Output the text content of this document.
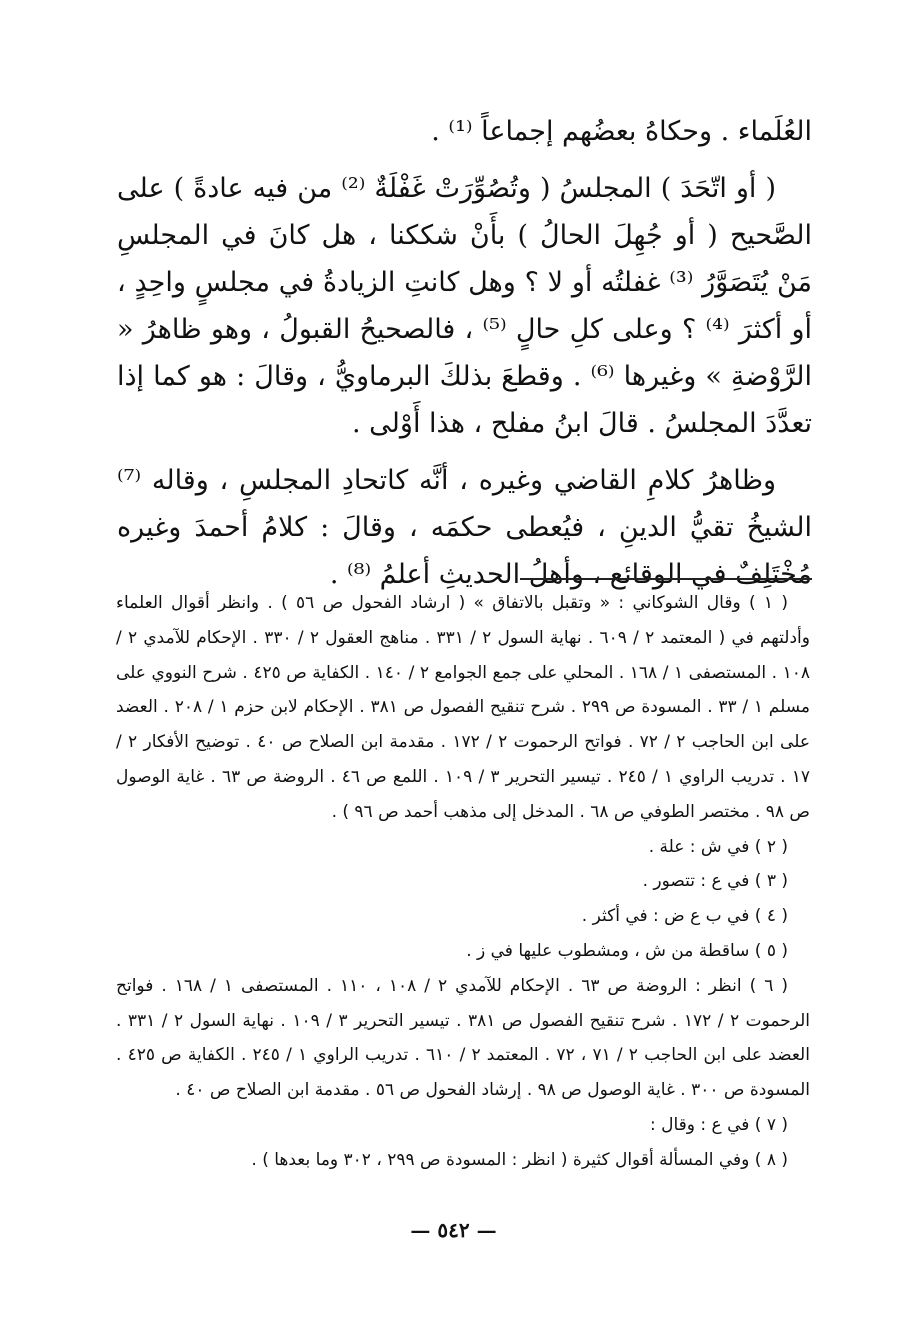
العُلَماء . وحكاهُ بعضُهم إجماعاً ⁽¹⁾ .

( أو اتّحَدَ ) المجلسُ ( وتُصُوِّرَتْ غَفْلَةٌ ⁽²⁾ من فيه عادةً ) على الصَّحيح ( أو جُهِلَ الحالُ ) بأَنْ شككنا ، هل كانَ في المجلسِ مَنْ يُتَصَوَّرُ ⁽³⁾ غفلتُه أو لا ؟ وهل كانتِ الزيادةُ في مجلسٍ واحِدٍ ، أو أكثرَ ⁽⁴⁾ ؟ وعلى كلِ حالٍ ⁽⁵⁾ ، فالصحيحُ القبولُ ، وهو ظاهرُ « الرَّوْضةِ » وغيرها ⁽⁶⁾ . وقطعَ بذلكَ البرماويُّ ، وقالَ : هو كما إذا تعدَّدَ المجلسُ . قالَ ابنُ مفلح ، هذا أَوْلى .

وظاهرُ كلامِ القاضي وغيره ، أنَّه كاتحادِ المجلسِ ، وقاله ⁽⁷⁾ الشيخُ تقيُّ الدينِ ، فيُعطى حكمَه ، وقالَ : كلامُ أحمدَ وغيره مُخْتَلِفٌ في الوقائع ، وأهلُ الحديثِ أعلمُ ⁽⁸⁾ .

( ١ ) وقال الشوكاني : « وتقبل بالاتفاق » ( ارشاد الفحول ص ٥٦ ) . وانظر أقوال العلماء وأدلتهم في ( المعتمد ٢ / ٦٠٩ . نهاية السول ٢ / ٣٣١ . مناهج العقول ٢ / ٣٣٠ . الإحكام للآمدي ٢ / ١٠٨ . المستصفى ١ / ١٦٨ . المحلي على جمع الجوامع ٢ / ١٤٠ . الكفاية ص ٤٢٥ . شرح النووي على مسلم ١ / ٣٣ . المسودة ص ٢٩٩ . شرح تنقيح الفصول ص ٣٨١ . الإحكام لابن حزم ١ / ٢٠٨ . العضد على ابن الحاجب ٢ / ٧٢ . فواتح الرحموت ٢ / ١٧٢ . مقدمة ابن الصلاح ص ٤٠ . توضيح الأفكار ٢ / ١٧ . تدريب الراوي ١ / ٢٤٥ . تيسير التحرير ٣ / ١٠٩ . اللمع ص ٤٦ . الروضة ص ٦٣ . غاية الوصول ص ٩٨ . مختصر الطوفي ص ٦٨ . المدخل إلى مذهب أحمد ص ٩٦ ) .

( ٢ ) في ش : علة .

( ٣ ) في ع : تتصور .

( ٤ ) في ب ع ض : في أكثر .

( ٥ ) ساقطة من ش ، ومشطوب عليها في ز .

( ٦ ) انظر : الروضة ص ٦٣ . الإحكام للآمدي ٢ / ١٠٨ ، ١١٠ . المستصفى ١ / ١٦٨ . فواتح الرحموت ٢ / ١٧٢ . شرح تنقيح الفصول ص ٣٨١ . تيسير التحرير ٣ / ١٠٩ . نهاية السول ٢ / ٣٣١ . العضد على ابن الحاجب ٢ / ٧١ ، ٧٢ . المعتمد ٢ / ٦١٠ . تدريب الراوي ١ / ٢٤٥ . الكفاية ص ٤٢٥ . المسودة ص ٣٠٠ . غاية الوصول ص ٩٨ . إرشاد الفحول ص ٥٦ . مقدمة ابن الصلاح ص ٤٠ .

( ٧ ) في ع : وقال :

( ٨ ) وفي المسألة أقوال كثيرة ( انظر : المسودة ص ٢٩٩ ، ٣٠٢ وما بعدها ) .

— ٥٤٢ —
